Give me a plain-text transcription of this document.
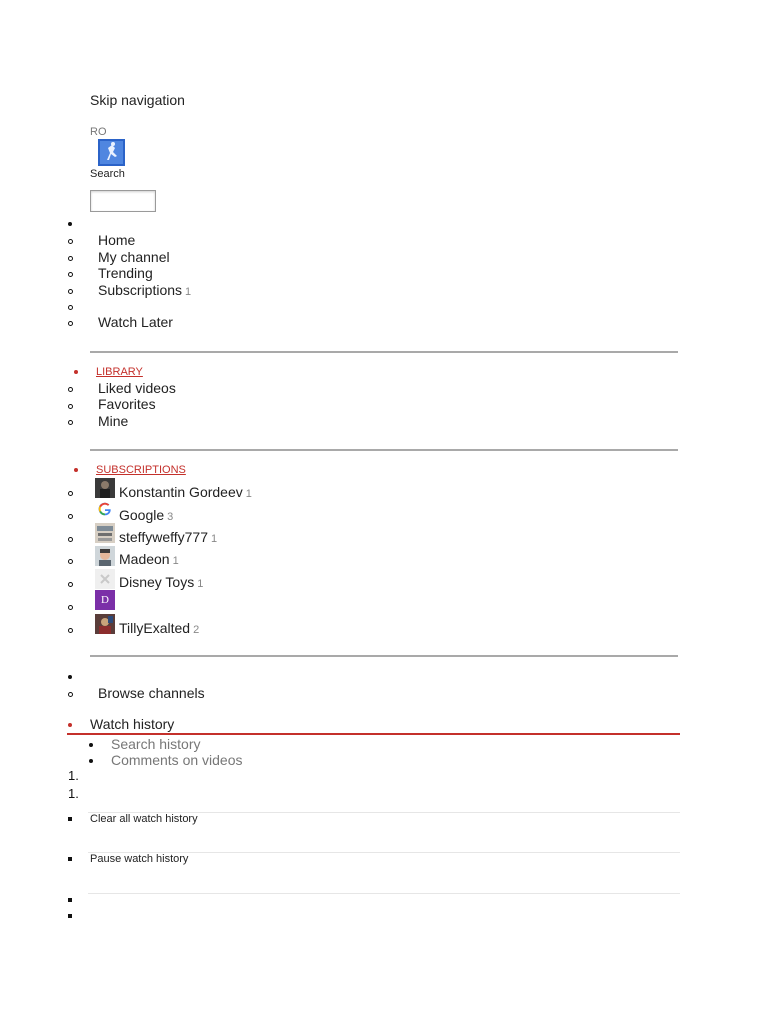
Skip navigation
RO
Search
Home
My channel
Trending
Subscriptions 1
Watch Later
LIBRARY
Liked videos
Favorites
Mine
SUBSCRIPTIONS
Konstantin Gordeev 1
Google 3
steffyweffy777 1
Madeon 1
Disney Toys 1
D
TillyExalted 2
Browse channels
Watch history
Search history
Comments on videos
1.
1.
Clear all watch history
Pause watch history
